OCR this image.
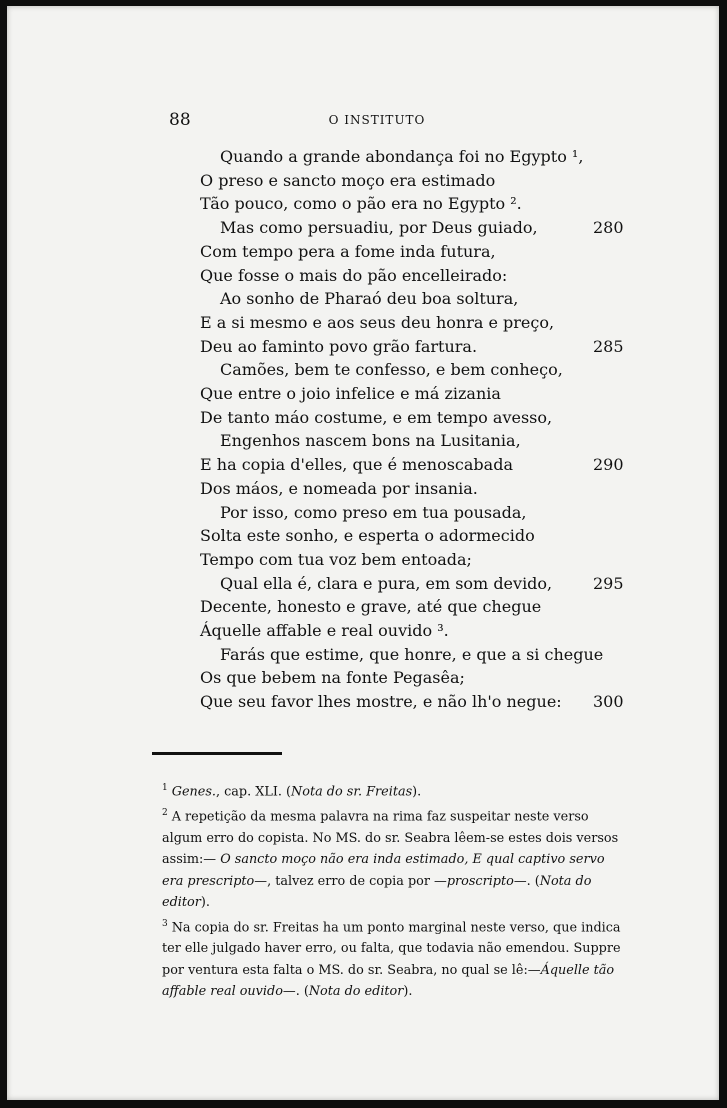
88	O INSTITUTO
Quando a grande abondança foi no Egypto ¹,
O preso e sancto moço era estimado
Tão pouco, como o pão era no Egypto ².
Mas como persuadiu, por Deus guiado,	280
Com tempo pera a fome inda futura,
Que fosse o mais do pão encelleirado:
Ao sonho de Pharaó deu boa soltura,
E a si mesmo e aos seus deu honra e preço,
Deu ao faminto povo grão fartura.	285
Camões, bem te confesso, e bem conheço,
Que entre o joio infelice e má zizania
De tanto máo costume, e em tempo avesso,
Engenhos nascem bons na Lusitania,
E ha copia d'elles, que é menoscabada	290
Dos máos, e nomeada por insania.
Por isso, como preso em tua pousada,
Solta este sonho, e esperta o adormecido
Tempo com tua voz bem entoada;
Qual ella é, clara e pura, em som devido,	295
Decente, honesto e grave, até que chegue
Áquelle affable e real ouvido ³.
Farás que estime, que honre, e que a si chegue
Os que bebem na fonte Pegasêa;
Que seu favor lhes mostre, e não lh'o negue: 300

$^1$ Genes., cap. XLI. (Nota do sr. Freitas).

$^2$ A repetição da mesma palavra na rima faz suspeitar neste verso algum erro do copista. No MS. do sr. Seabra lêem-se estes dois versos assim:— O sancto moço não era inda estimado, E qual captivo servo era prescripto—, talvez erro de copia por —proscripto—. (Nota do editor).

$^3$ Na copia do sr. Freitas ha um ponto marginal neste verso, que indica ter elle julgado haver erro, ou falta, que todavia não emendou. Suppre por ventura esta falta o MS. do sr. Seabra, no qual se lê:—Áquelle tão affable real ouvido—. (Nota do editor).
